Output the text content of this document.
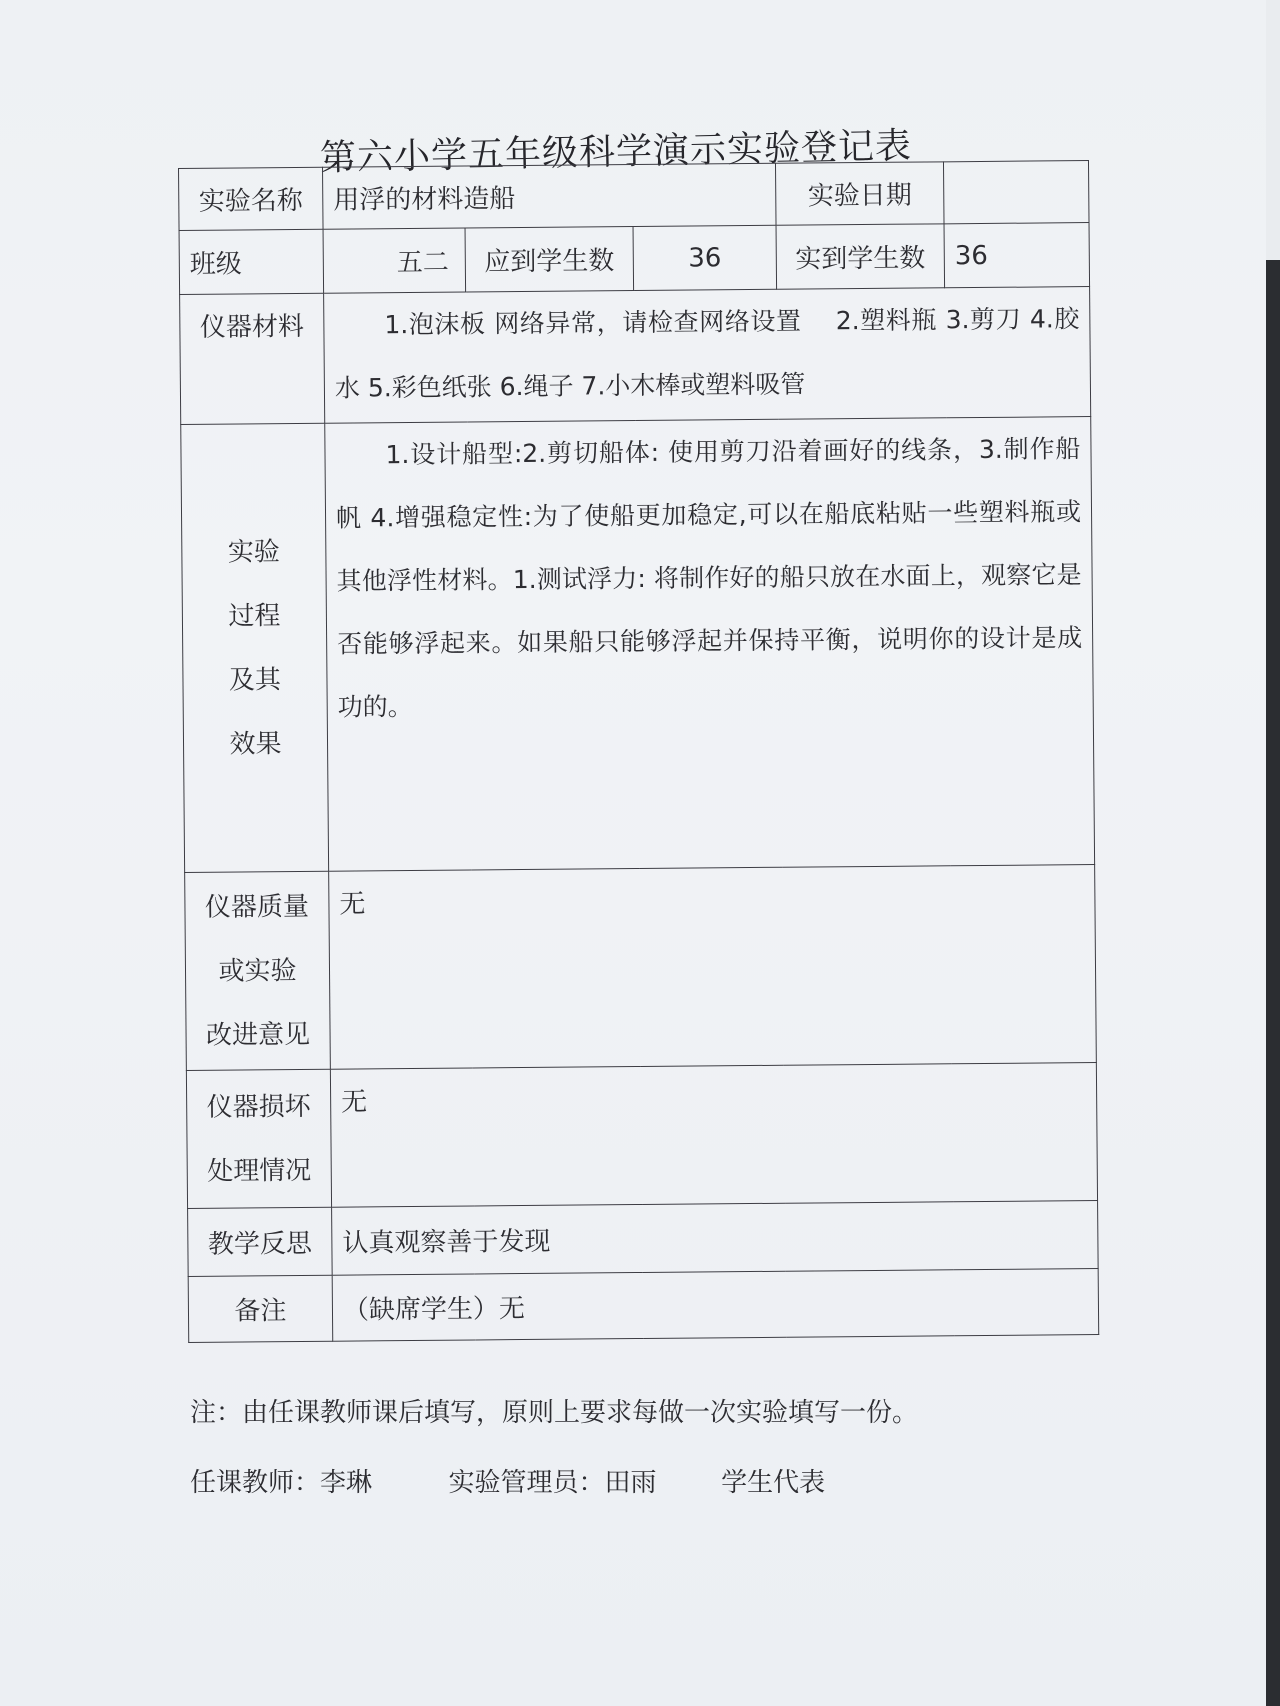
第六小学五年级科学演示实验登记表
实验名称	用浮的材料造船			实验日期	
班级	五二	应到学生数	36	实到学生数	36
仪器材料	1.泡沫板 网络异常，请检查网络设置　 2.塑料瓶 3.剪刀 4.胶水 5.彩色纸张 6.绳子 7.小木棒或塑料吸管				

实验
过程
及其
效果	1.设计船型:2.剪切船体: 使用剪刀沿着画好的线条，3.制作船帆 4.增强稳定性:为了使船更加稳定,可以在船底粘贴一些塑料瓶或其他浮性材料。1.测试浮力: 将制作好的船只放在水面上，观察它是否能够浮起来。如果船只能够浮起并保持平衡，说明你的设计是成功的。				

仪器质量
或实验
改进意见	无				

仪器损坏
处理情况	无				
教学反思	认真观察善于发现				
备注	（缺席学生）无				
注：由任课教师课后填写，原则上要求每做一次实验填写一份。
任课教师：李琳	实验管理员：田雨 学生代表
